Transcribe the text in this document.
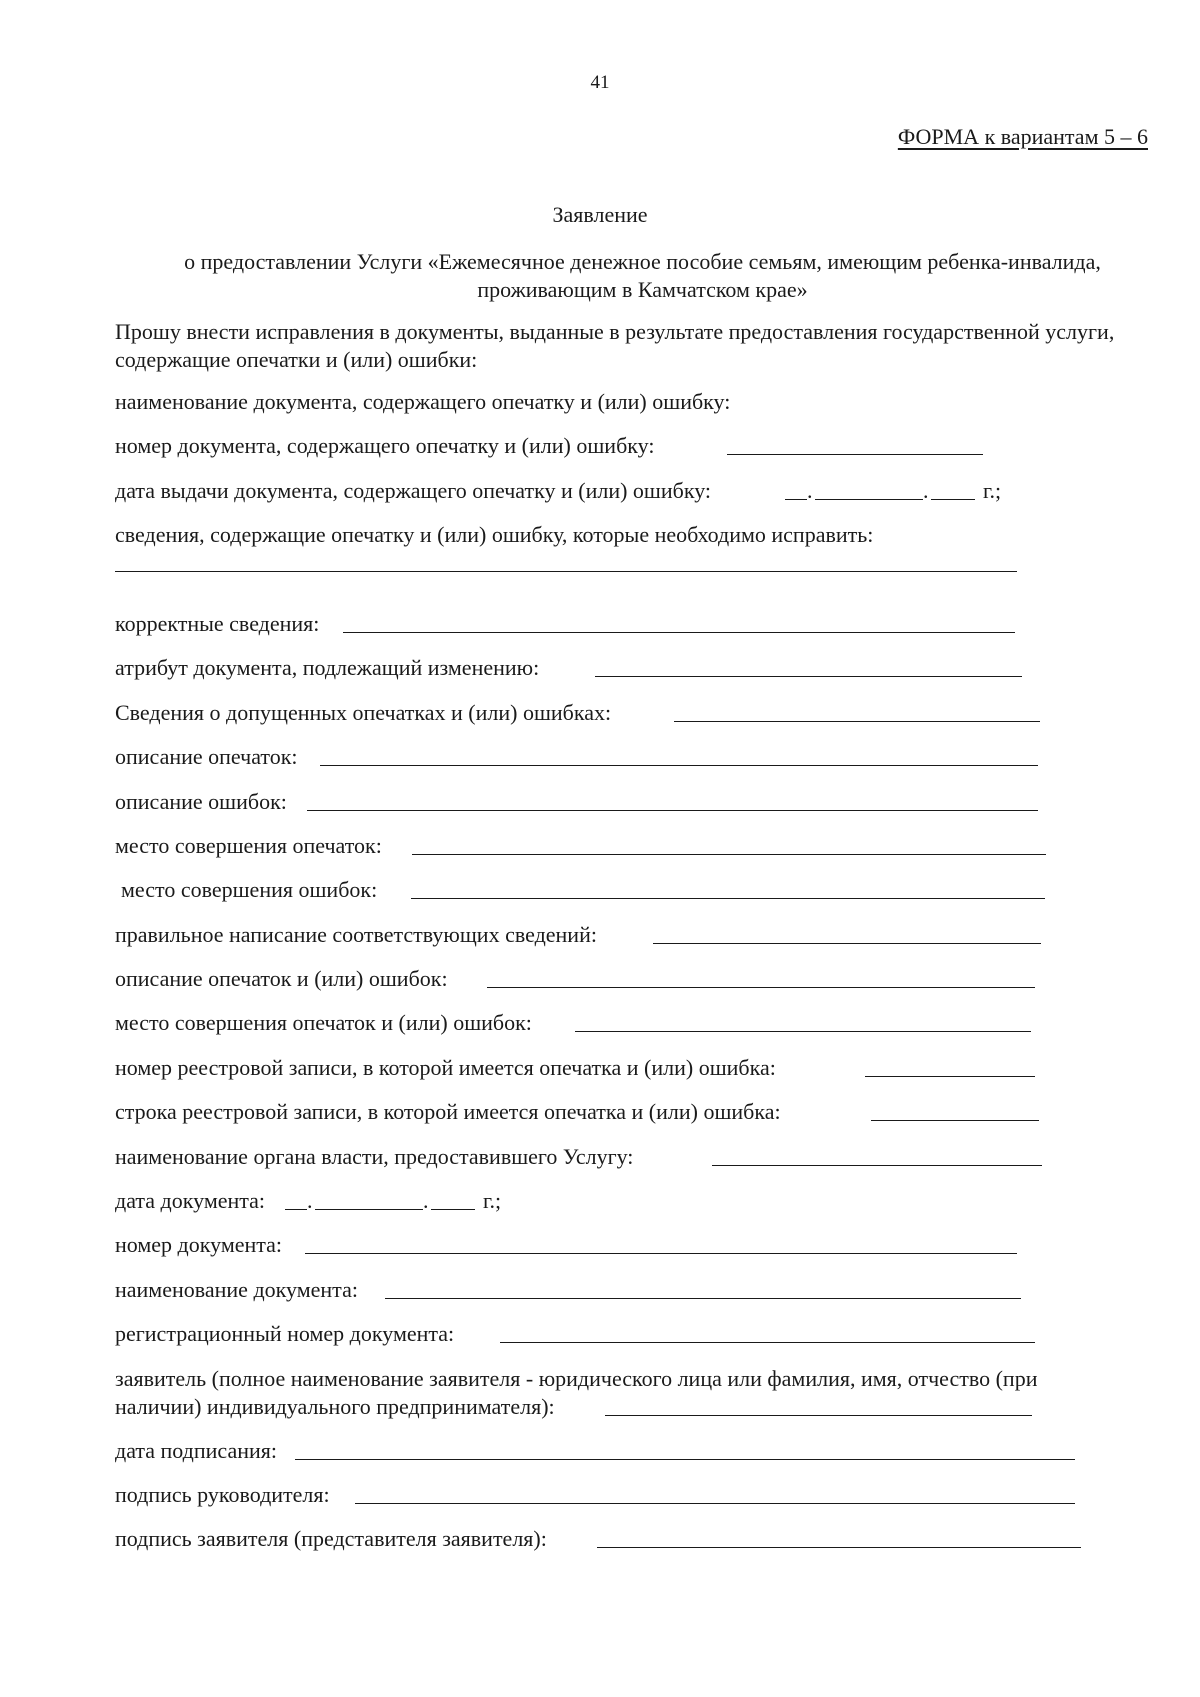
41
ФОРМА к вариантам 5 – 6
Заявление
о предоставлении Услуги «Ежемесячное денежное пособие семьям, имеющим ребенка-инвалида,
проживающим в Камчатском крае»
Прошу внести исправления в документы, выданные в результате предоставления государственной услуги, содержащие опечатки и (или) ошибки:
наименование документа, содержащего опечатку и (или) ошибку:
номер документа, содержащего опечатку и (или) ошибку:
дата выдачи документа, содержащего опечатку и (или) ошибку:	.	. г.;
сведения, содержащие опечатку и (или) ошибку, которые необходимо исправить:
корректные сведения:
атрибут документа, подлежащий изменению:
Сведения о допущенных опечатках и (или) ошибках:
описание опечаток:
описание ошибок:
место совершения опечаток:
место совершения ошибок:
правильное написание соответствующих сведений:
описание опечаток и (или) ошибок:
место совершения опечаток и (или) ошибок:
номер реестровой записи, в которой имеется опечатка и (или) ошибка:
строка реестровой записи, в которой имеется опечатка и (или) ошибка:
наименование органа власти, предоставившего Услугу:
дата документа: .	. г.;
номер документа:
наименование документа:
регистрационный номер документа:
заявитель (полное наименование заявителя - юридического лица или фамилия, имя, отчество (при
наличии) индивидуального предпринимателя):
дата подписания:
подпись руководителя:
подпись заявителя (представителя заявителя):
